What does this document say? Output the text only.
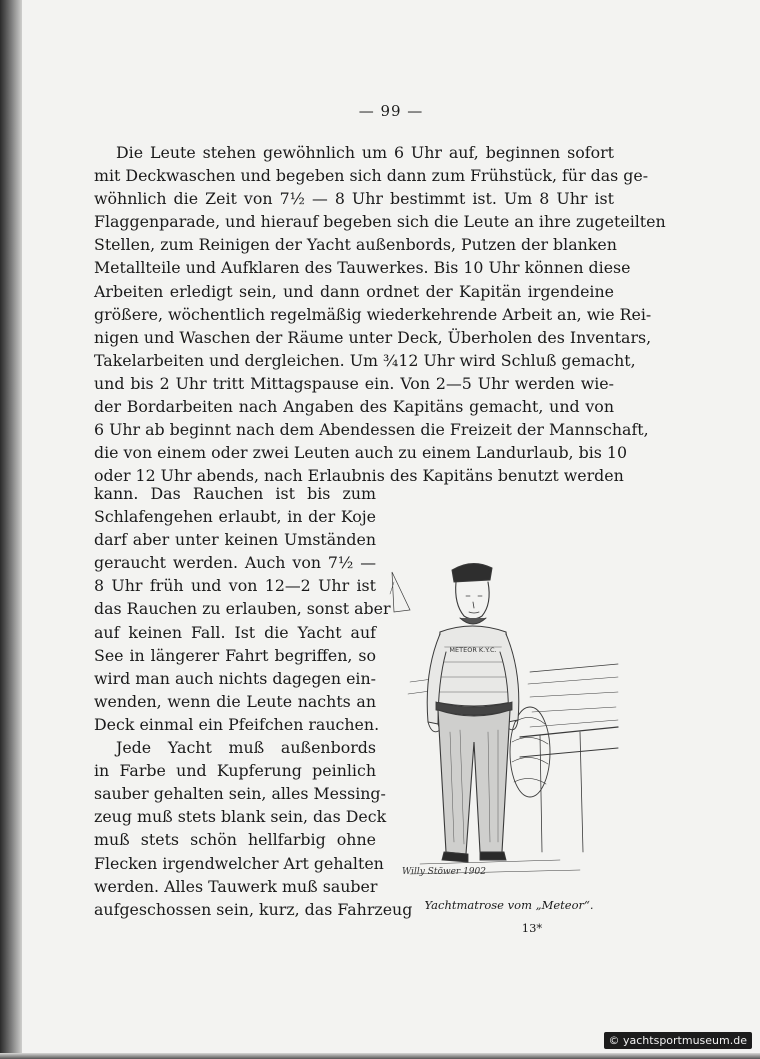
— 99 —
Die Leute stehen gewöhnlich um 6 Uhr auf, beginnen sofort
mit Deckwaschen und begeben sich dann zum Frühstück, für das ge-
wöhnlich die Zeit von 7½ — 8 Uhr bestimmt ist. Um 8 Uhr ist
Flaggenparade, und hierauf begeben sich die Leute an ihre zugeteilten
Stellen, zum Reinigen der Yacht außenbords, Putzen der blanken
Metallteile und Aufklaren des Tauwerkes. Bis 10 Uhr können diese
Arbeiten erledigt sein, und dann ordnet der Kapitän irgendeine
größere, wöchentlich regelmäßig wiederkehrende Arbeit an, wie Rei-
nigen und Waschen der Räume unter Deck, Überholen des Inventars,
Takelarbeiten und dergleichen. Um ¾12 Uhr wird Schluß gemacht,
und bis 2 Uhr tritt Mittagspause ein. Von 2—5 Uhr werden wie-
der Bordarbeiten nach Angaben des Kapitäns gemacht, und von
6 Uhr ab beginnt nach dem Abendessen die Freizeit der Mannschaft,
die von einem oder zwei Leuten auch zu einem Landurlaub, bis 10
oder 12 Uhr abends, nach Erlaubnis des Kapitäns benutzt werden
kann. Das Rauchen ist bis zum
Schlafengehen erlaubt, in der Koje
darf aber unter keinen Umständen
geraucht werden. Auch von 7½ —
8 Uhr früh und von 12—2 Uhr ist
das Rauchen zu erlauben, sonst aber
auf keinen Fall. Ist die Yacht auf
See in längerer Fahrt begriffen, so
wird man auch nichts dagegen ein-
wenden, wenn die Leute nachts an
Deck einmal ein Pfeifchen rauchen.
Jede Yacht muß außenbords
in Farbe und Kupferung peinlich
sauber gehalten sein, alles Messing-
zeug muß stets blank sein, das Deck
muß stets schön hellfarbig ohne
Flecken irgendwelcher Art gehalten
werden. Alles Tauwerk muß sauber
aufgeschossen sein, kurz, das Fahrzeug
METEOR K.Y.C.
Willy Stöwer 1902
Yachtmatrose vom „Meteor“.
13*
© yachtsportmuseum.de
